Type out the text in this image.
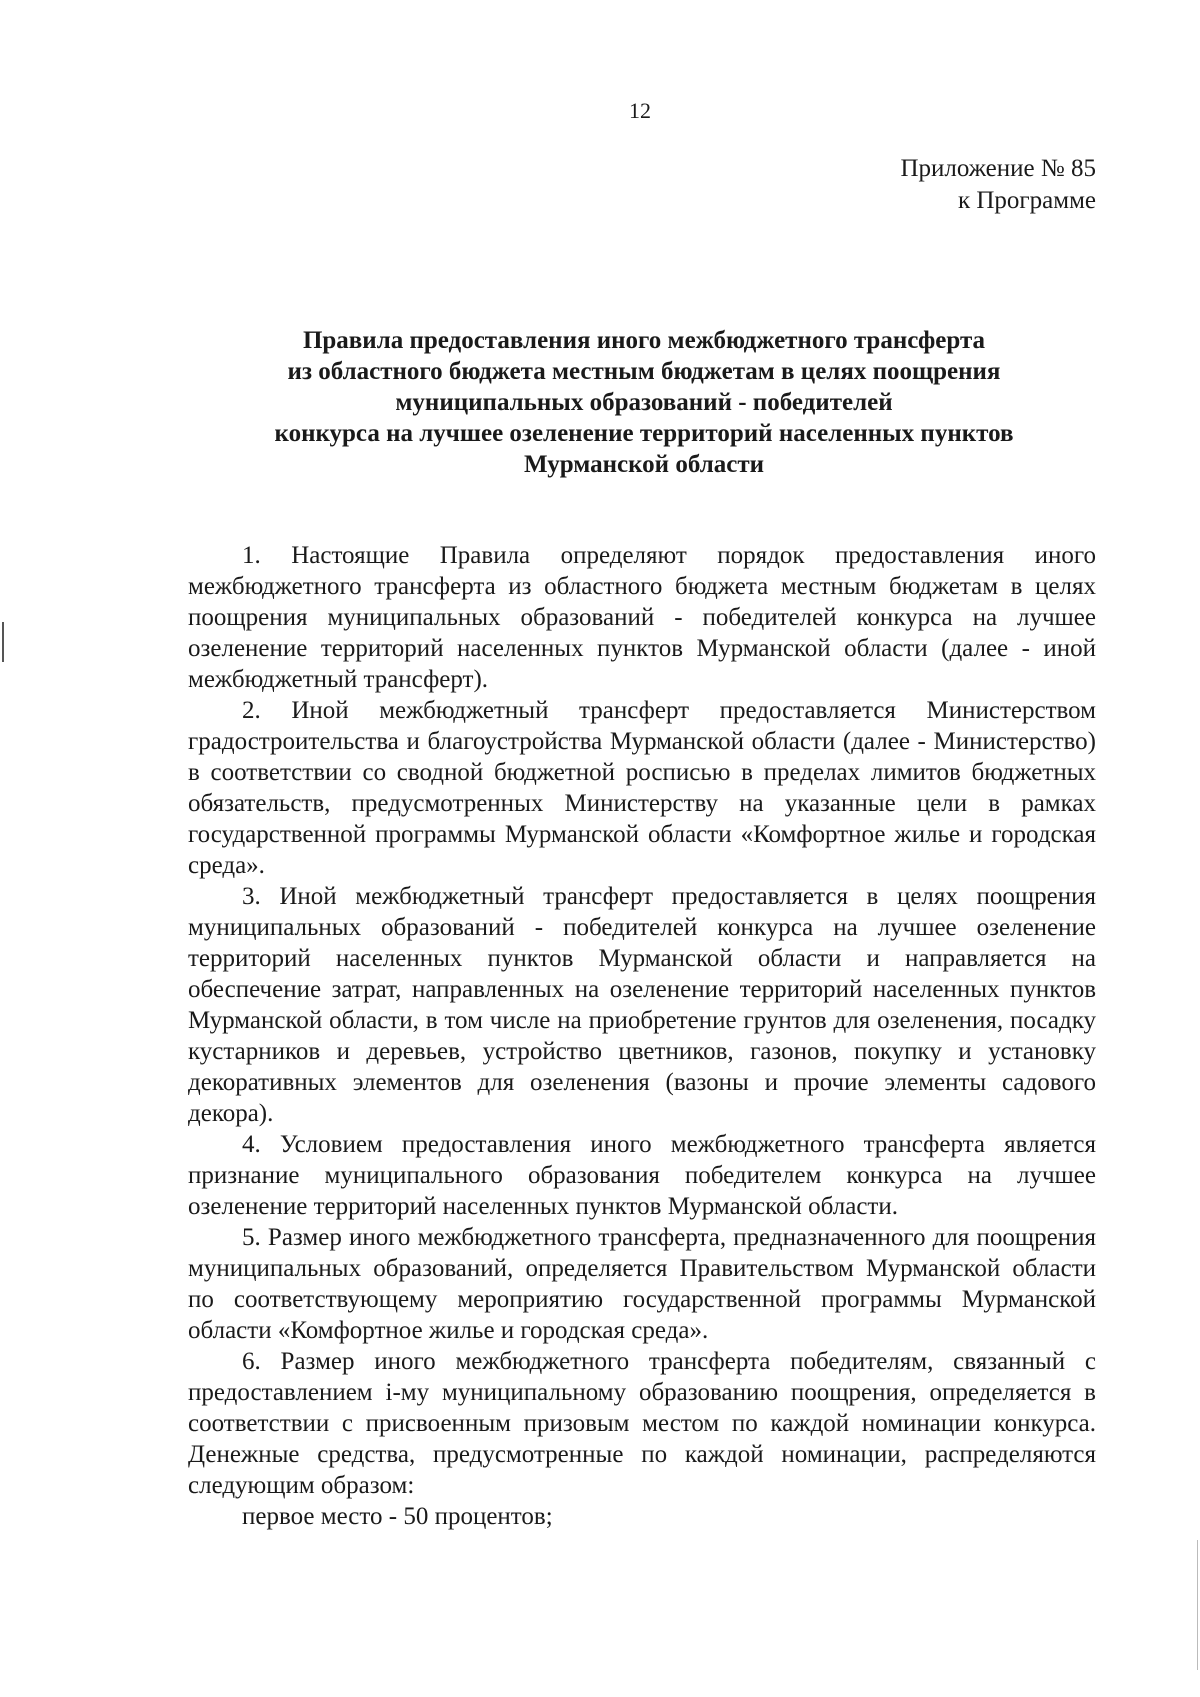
12
Приложение № 85
к Программе
Правила предоставления иного межбюджетного трансферта
из областного бюджета местным бюджетам в целях поощрения
муниципальных образований - победителей
конкурса на лучшее озеленение территорий населенных пунктов
Мурманской области

1. Настоящие Правила определяют порядок предоставления иного межбюджетного трансферта из областного бюджета местным бюджетам в целях поощрения муниципальных образований - победителей конкурса на лучшее озеленение территорий населенных пунктов Мурманской области (далее - иной межбюджетный трансферт).

2. Иной межбюджетный трансферт предоставляется Министерством градостроительства и благоустройства Мурманской области (далее - Министерство) в соответствии со сводной бюджетной росписью в пределах лимитов бюджетных обязательств, предусмотренных Министерству на указанные цели в рамках государственной программы Мурманской области «Комфортное жилье и городская среда».

3. Иной межбюджетный трансферт предоставляется в целях поощрения муниципальных образований - победителей конкурса на лучшее озеленение территорий населенных пунктов Мурманской области и направляется на обеспечение затрат, направленных на озеленение территорий населенных пунктов Мурманской области, в том числе на приобретение грунтов для озеленения, посадку кустарников и деревьев, устройство цветников, газонов, покупку и установку декоративных элементов для озеленения (вазоны и прочие элементы садового декора).

4. Условием предоставления иного межбюджетного трансферта является признание муниципального образования победителем конкурса на лучшее озеленение территорий населенных пунктов Мурманской области.

5. Размер иного межбюджетного трансферта, предназначенного для поощрения муниципальных образований, определяется Правительством Мурманской области по соответствующему мероприятию государственной программы Мурманской области «Комфортное жилье и городская среда».

6. Размер иного межбюджетного трансферта победителям, связанный с предоставлением i-му муниципальному образованию поощрения, определяется в соответствии с присвоенным призовым местом по каждой номинации конкурса. Денежные средства, предусмотренные по каждой номинации, распределяются следующим образом:

первое место - 50 процентов;
